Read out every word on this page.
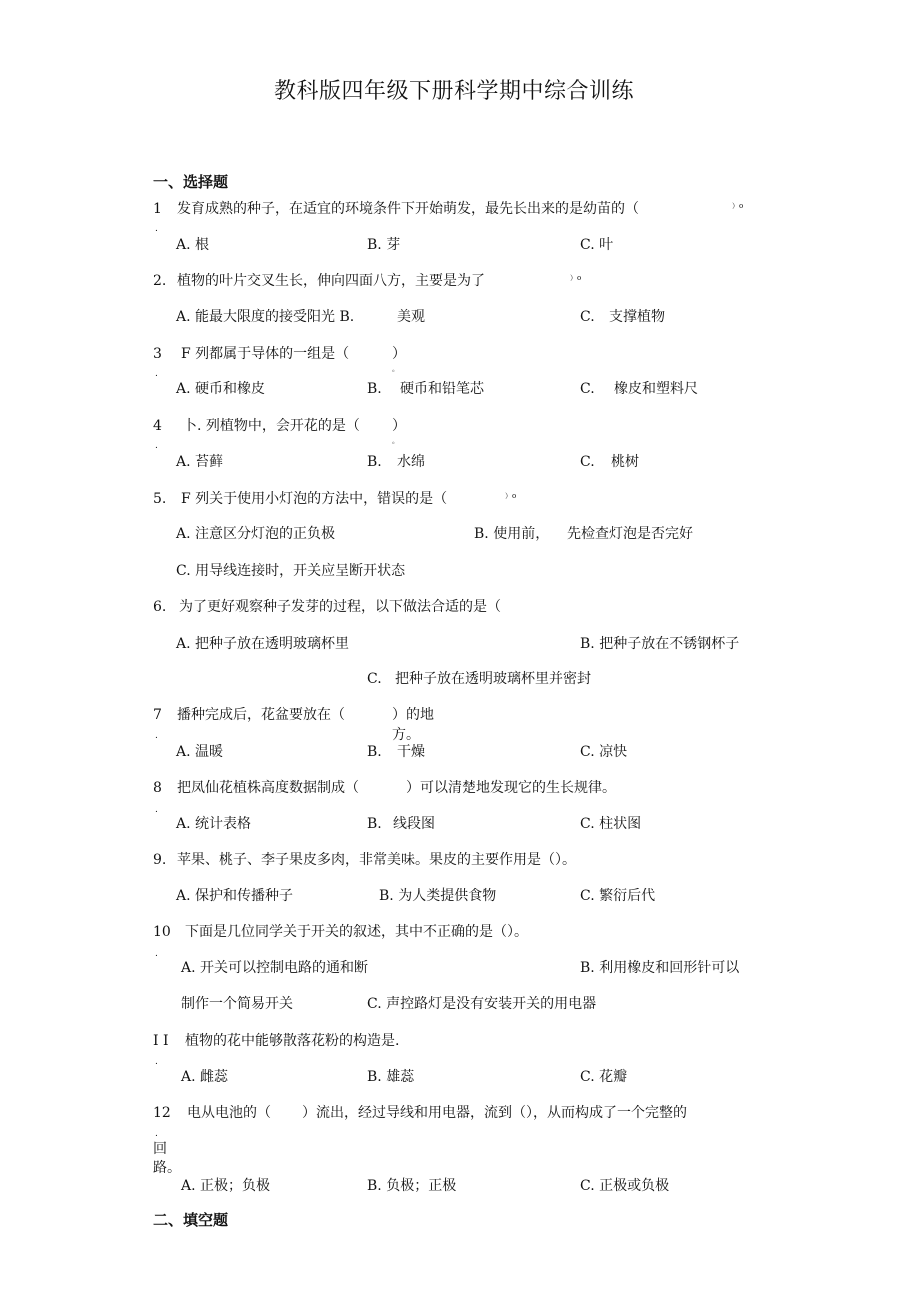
教科版四年级下册科学期中综合训练
一、选择题
1 发育成熟的种子，在适宜的环境条件下开始萌发，最先长出来的是幼苗的（	）o
.
A. 根	B. 芽	C. 叶
2. 植物的叶片交叉生长，伸向四面八方，主要是为了	）o
A. 能最大限度的接受阳光 B.	美观	C. 支撑植物
3 F 列都属于导体的一组是（	）
。
.
A. 硬币和橡皮	B. 硬币和铅笔芯	C. 橡皮和塑料尺
4 卜. 列植物中，会开花的是（ ）
。
.
A. 苔藓	B. 水绵	C. 桃树
5. F 列关于使用小灯泡的方法中，错误的是（	）o
A. 注意区分灯泡的正负极	B. 使用前， 先检查灯泡是否完好
C. 用导线连接时，开关应呈断开状态
6. 为了更好观察种子发芽的过程，以下做法合适的是（
A. 把种子放在透明玻璃杯里	B. 把种子放在不锈钢杯子
C. 把种子放在透明玻璃杯里并密封
7 播种完成后，花盆要放在（	）的地
方。
.
A. 温暖	B. 干燥	C. 凉快
8 把凤仙花植株高度数据制成（	）可以清楚地发现它的生长规律。
.
A. 统计表格	B. 线段图	C. 柱状图
9. 苹果、桃子、李子果皮多肉，非常美味。果皮的主要作用是（）。
A. 保护和传播种子	B. 为人类提供食物	C. 繁衍后代
10 下面是几位同学关于开关的叙述，其中不正确的是（）。
.
A. 开关可以控制电路的通和断	B. 利用橡皮和回形针可以
制作一个简易开关	C. 声控路灯是没有安装开关的用电器
I I 植物的花中能够散落花粉的构造是.
.
A. 雌蕊	B. 雄蕊	C. 花瓣
12 电从电池的（ ）流出，经过导线和用电器，流到（），从而构成了一个完整的
.
回
路。
A. 正极；负极	B. 负极；正极	C. 正极或负极
二、填空题
